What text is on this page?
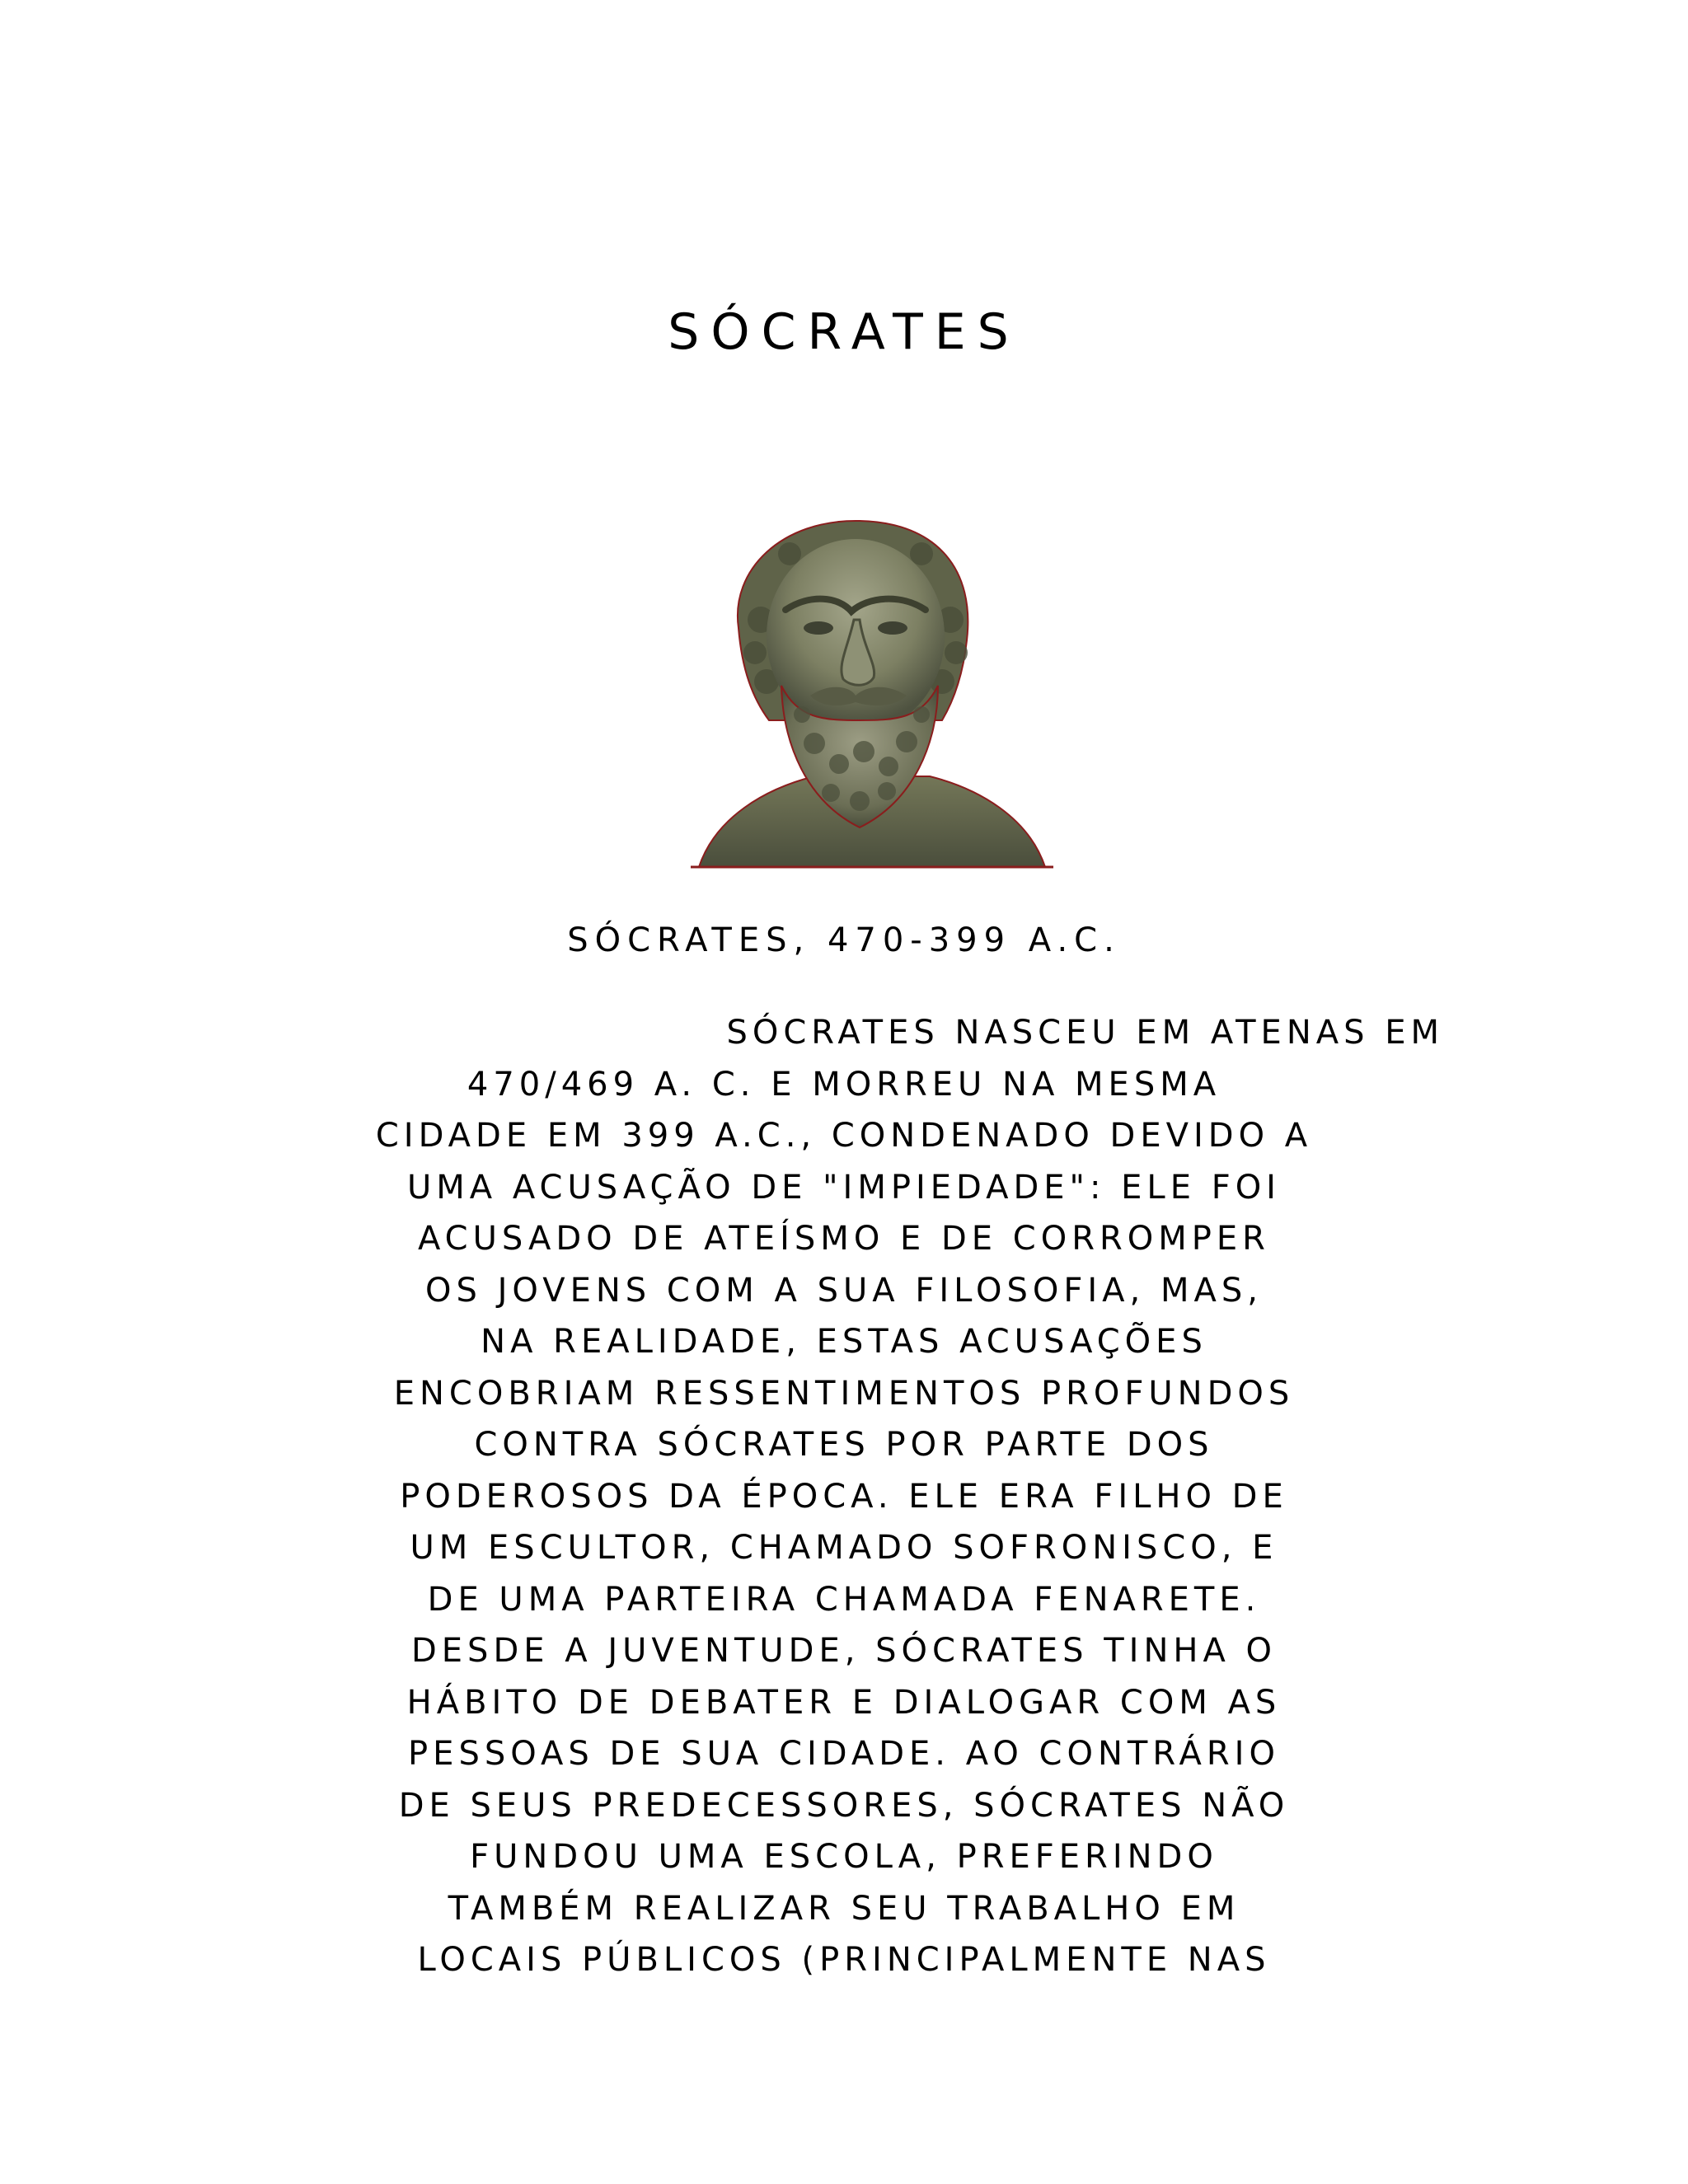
SÓCRATES

SÓCRATES, 470-399 A.C.

SÓCRATES NASCEU EM ATENAS EM
470/469 A. C. E MORREU NA MESMA
CIDADE EM 399 A.C., CONDENADO DEVIDO A
UMA ACUSAÇÃO DE "IMPIEDADE": ELE FOI
ACUSADO DE ATEÍSMO E DE CORROMPER
OS JOVENS COM A SUA FILOSOFIA, MAS,
NA REALIDADE, ESTAS ACUSAÇÕES
ENCOBRIAM RESSENTIMENTOS PROFUNDOS
CONTRA SÓCRATES POR PARTE DOS
PODEROSOS DA ÉPOCA. ELE ERA FILHO DE
UM ESCULTOR, CHAMADO SOFRONISCO, E
DE UMA PARTEIRA CHAMADA FENARETE.
DESDE A JUVENTUDE, SÓCRATES TINHA O
HÁBITO DE DEBATER E DIALOGAR COM AS
PESSOAS DE SUA CIDADE. AO CONTRÁRIO
DE SEUS PREDECESSORES, SÓCRATES NÃO
FUNDOU UMA ESCOLA, PREFERINDO
TAMBÉM REALIZAR SEU TRABALHO EM
LOCAIS PÚBLICOS (PRINCIPALMENTE NAS
